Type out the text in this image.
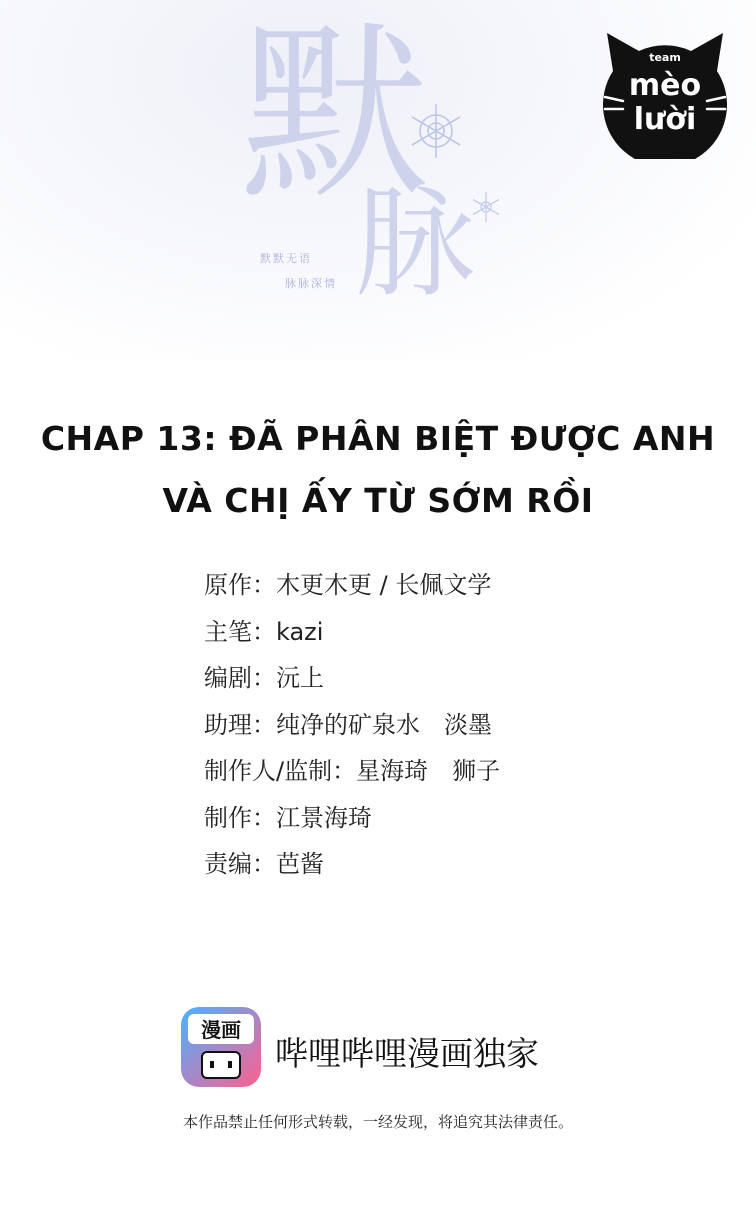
默
脉
默默无语
脉脉深情
team
mèo
lười
CHAP 13: ĐÃ PHÂN BIỆT ĐƯỢC ANH
VÀ CHỊ ẤY TỪ SỚM RỒI
原作：木更木更 / 长佩文学
主笔：kazi
编剧：沅上
助理：纯净的矿泉水　淡墨
制作人/监制：星海琦　狮子
制作：江景海琦
责编：芭酱
漫画
哔哩哔哩漫画独家
本作品禁止任何形式转载，一经发现，将追究其法律责任。
